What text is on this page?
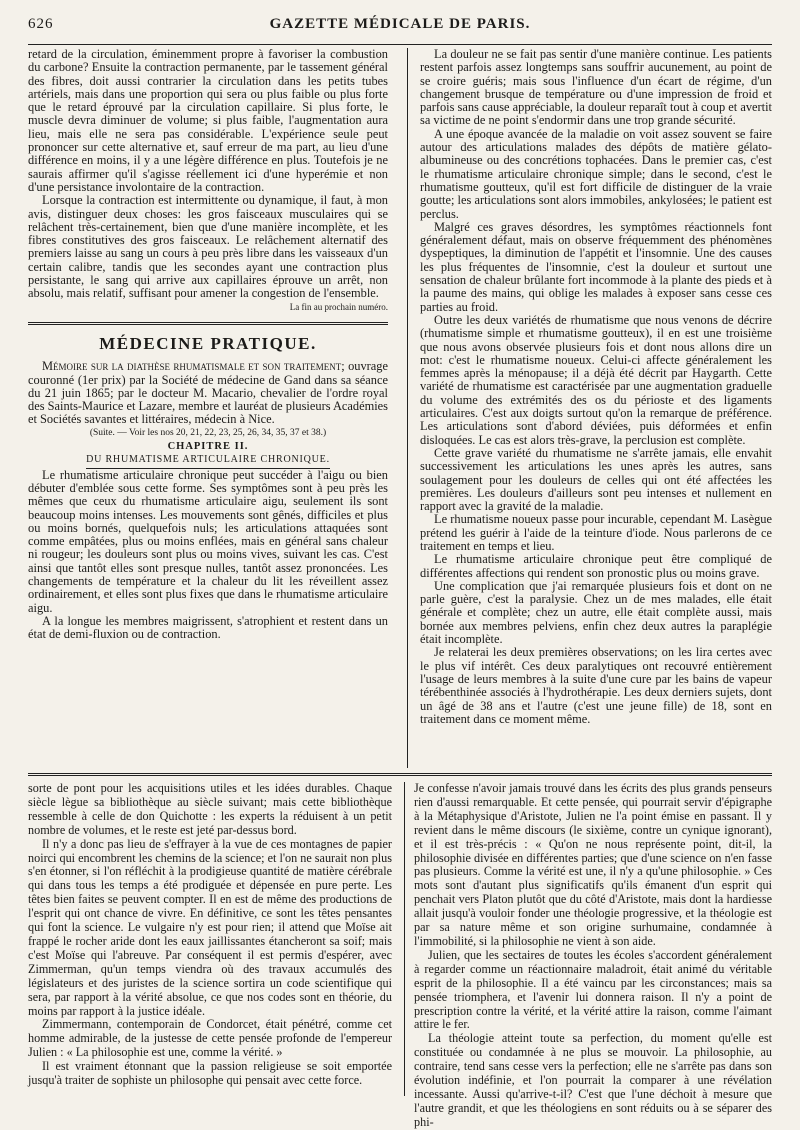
626	GAZETTE MÉDICALE DE PARIS.

retard de la circulation, éminemment propre à favoriser la combustion du carbone? Ensuite la contraction permanente, par le tassement général des fibres, doit aussi contrarier la circulation dans les petits tubes artériels, mais dans une proportion qui sera ou plus faible ou plus forte que le retard éprouvé par la circulation capillaire. Si plus forte, le muscle devra diminuer de volume; si plus faible, l'augmentation aura lieu, mais elle ne sera pas considérable. L'expérience seule peut prononcer sur cette alternative et, sauf erreur de ma part, au lieu d'une différence en moins, il y a une légère différence en plus. Toutefois je ne saurais affirmer qu'il s'agisse réellement ici d'une hyperémie et non d'une persistance involontaire de la contraction.

Lorsque la contraction est intermittente ou dynamique, il faut, à mon avis, distinguer deux choses: les gros faisceaux musculaires qui se relâchent très-certainement, bien que d'une manière incomplète, et les fibres constitutives des gros faisceaux. Le relâchement alternatif des premiers laisse au sang un cours à peu près libre dans les vaisseaux d'un certain calibre, tandis que les secondes ayant une contraction plus persistante, le sang qui arrive aux capillaires éprouve un arrêt, non absolu, mais relatif, suffisant pour amener la congestion de l'ensemble.

La fin au prochain numéro.

MÉDECINE PRATIQUE.

Mémoire sur la diathèse rhumatismale et son traitement; ouvrage couronné (1er prix) par la Société de médecine de Gand dans sa séance du 21 juin 1865; par le docteur M. Macario, chevalier de l'ordre royal des Saints-Maurice et Lazare, membre et lauréat de plusieurs Académies et Sociétés savantes et littéraires, médecin à Nice.

(Suite. — Voir les nos 20, 21, 22, 23, 25, 26, 34, 35, 37 et 38.)

CHAPITRE II.

DU RHUMATISME ARTICULAIRE CHRONIQUE.

Le rhumatisme articulaire chronique peut succéder à l'aigu ou bien débuter d'emblée sous cette forme. Ses symptômes sont à peu près les mêmes que ceux du rhumatisme articulaire aigu, seulement ils sont beaucoup moins intenses. Les mouvements sont gênés, difficiles et plus ou moins bornés, quelquefois nuls; les articulations attaquées sont comme empâtées, plus ou moins enflées, mais en général sans chaleur ni rougeur; les douleurs sont plus ou moins vives, suivant les cas. C'est ainsi que tantôt elles sont presque nulles, tantôt assez prononcées. Les changements de température et la chaleur du lit les réveillent assez ordinairement, et elles sont plus fixes que dans le rhumatisme articulaire aigu.

A la longue les membres maigrissent, s'atrophient et restent dans un état de demi-fluxion ou de contraction.

La douleur ne se fait pas sentir d'une manière continue. Les patients restent parfois assez longtemps sans souffrir aucunement, au point de se croire guéris; mais sous l'influence d'un écart de régime, d'un changement brusque de température ou d'une impression de froid et parfois sans cause appréciable, la douleur reparaît tout à coup et avertit sa victime de ne point s'endormir dans une trop grande sécurité.

A une époque avancée de la maladie on voit assez souvent se faire autour des articulations malades des dépôts de matière gélato-albumineuse ou des concrétions tophacées. Dans le premier cas, c'est le rhumatisme articulaire chronique simple; dans le second, c'est le rhumatisme goutteux, qu'il est fort difficile de distinguer de la vraie goutte; les articulations sont alors immobiles, ankylosées; le patient est perclus.

Malgré ces graves désordres, les symptômes réactionnels font généralement défaut, mais on observe fréquemment des phénomènes dyspeptiques, la diminution de l'appétit et l'insomnie. Une des causes les plus fréquentes de l'insomnie, c'est la douleur et surtout une sensation de chaleur brûlante fort incommode à la plante des pieds et à la paume des mains, qui oblige les malades à exposer sans cesse ces parties au froid.

Outre les deux variétés de rhumatisme que nous venons de décrire (rhumatisme simple et rhumatisme goutteux), il en est une troisième que nous avons observée plusieurs fois et dont nous allons dire un mot: c'est le rhumatisme noueux. Celui-ci affecte généralement les femmes après la ménopause; il a déjà été décrit par Haygarth. Cette variété de rhumatisme est caractérisée par une augmentation graduelle du volume des extrémités des os du périoste et des ligaments articulaires. C'est aux doigts surtout qu'on la remarque de préférence. Les articulations sont d'abord déviées, puis déformées et enfin disloquées. Le cas est alors très-grave, la perclusion est complète.

Cette grave variété du rhumatisme ne s'arrête jamais, elle envahit successivement les articulations les unes après les autres, sans soulagement pour les douleurs de celles qui ont été affectées les premières. Les douleurs d'ailleurs sont peu intenses et nullement en rapport avec la gravité de la maladie.

Le rhumatisme noueux passe pour incurable, cependant M. Lasègue prétend les guérir à l'aide de la teinture d'iode. Nous parlerons de ce traitement en temps et lieu.

Le rhumatisme articulaire chronique peut être compliqué de différentes affections qui rendent son pronostic plus ou moins grave.

Une complication que j'ai remarquée plusieurs fois et dont on ne parle guère, c'est la paralysie. Chez un de mes malades, elle était générale et complète; chez un autre, elle était complète aussi, mais bornée aux membres pelviens, enfin chez deux autres la paraplégie était incomplète.

Je relaterai les deux premières observations; on les lira certes avec le plus vif intérêt. Ces deux paralytiques ont recouvré entièrement l'usage de leurs membres à la suite d'une cure par les bains de vapeur térébenthinée associés à l'hydrothérapie. Les deux derniers sujets, dont un âgé de 38 ans et l'autre (c'est une jeune fille) de 18, sont en traitement dans ce moment même.

sorte de pont pour les acquisitions utiles et les idées durables. Chaque siècle lègue sa bibliothèque au siècle suivant; mais cette bibliothèque ressemble à celle de don Quichotte : les experts la réduisent à un petit nombre de volumes, et le reste est jeté par-dessus bord.

Il n'y a donc pas lieu de s'effrayer à la vue de ces montagnes de papier noirci qui encombrent les chemins de la science; et l'on ne saurait non plus s'en étonner, si l'on réfléchit à la prodigieuse quantité de matière cérébrale qui dans tous les temps a été prodiguée et dépensée en pure perte. Les têtes bien faites se peuvent compter. Il en est de même des productions de l'esprit qui ont chance de vivre. En définitive, ce sont les têtes pensantes qui font la science. Le vulgaire n'y est pour rien; il attend que Moïse ait frappé le rocher aride dont les eaux jaillissantes étancheront sa soif; mais c'est Moïse qui l'abreuve. Par conséquent il est permis d'espérer, avec Zimmerman, qu'un temps viendra où des travaux accumulés des législateurs et des juristes de la science sortira un code scientifique qui sera, par rapport à la vérité absolue, ce que nos codes sont en théorie, du moins par rapport à la justice idéale.

Zimmermann, contemporain de Condorcet, était pénétré, comme cet homme admirable, de la justesse de cette pensée profonde de l'empereur Julien : « La philosophie est une, comme la vérité. »

Il est vraiment étonnant que la passion religieuse se soit emportée jusqu'à traiter de sophiste un philosophe qui pensait avec cette force.

Je confesse n'avoir jamais trouvé dans les écrits des plus grands penseurs rien d'aussi remarquable. Et cette pensée, qui pourrait servir d'épigraphe à la Métaphysique d'Aristote, Julien ne l'a point émise en passant. Il y revient dans le même discours (le sixième, contre un cynique ignorant), et il est très-précis : « Qu'on ne nous représente point, dit-il, la philosophie divisée en différentes parties; que d'une science on n'en fasse pas plusieurs. Comme la vérité est une, il n'y a qu'une philosophie. » Ces mots sont d'autant plus significatifs qu'ils émanent d'un esprit qui penchait vers Platon plutôt que du côté d'Aristote, mais dont la hardiesse allait jusqu'à vouloir fonder une théologie progressive, et la théologie est par sa nature même et son origine surhumaine, condamnée à l'immobilité, si la philosophie ne vient à son aide.

Julien, que les sectaires de toutes les écoles s'accordent généralement à regarder comme un réactionnaire maladroit, était animé du véritable esprit de la philosophie. Il a été vaincu par les circonstances; mais sa pensée triomphera, et l'avenir lui donnera raison. Il n'y a point de prescription contre la vérité, et la vérité attire la raison, comme l'aimant attire le fer.

La théologie atteint toute sa perfection, du moment qu'elle est constituée ou condamnée à ne plus se mouvoir. La philosophie, au contraire, tend sans cesse vers la perfection; elle ne s'arrête pas dans son évolution indéfinie, et l'on pourrait la comparer à une révélation incessante. Aussi qu'arrive-t-il? C'est que l'une déchoit à mesure que l'autre grandit, et que les théologiens en sont réduits ou à se séparer des phi-
